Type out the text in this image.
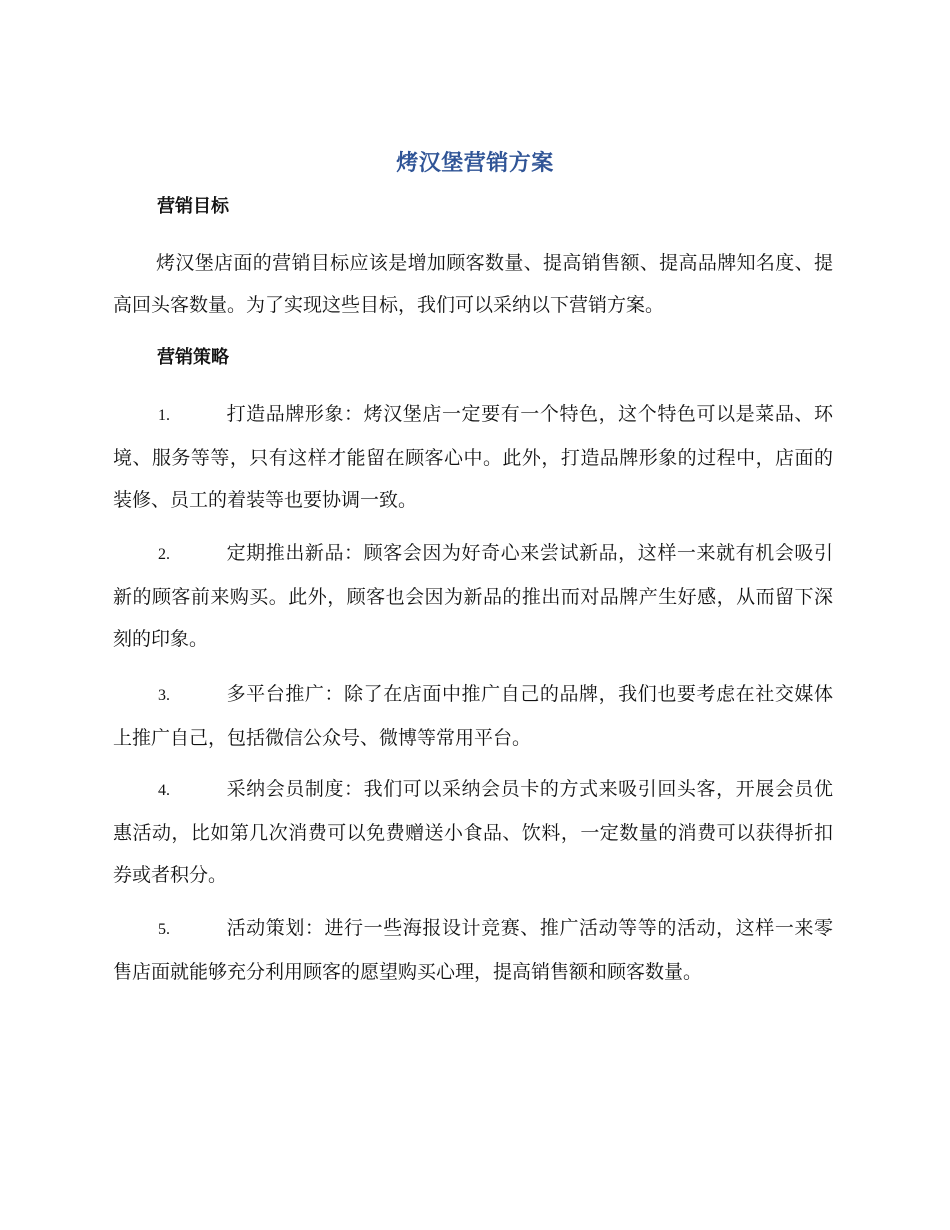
烤汉堡营销方案
营销目标
烤汉堡店面的营销目标应该是增加顾客数量、提高销售额、提高品牌知名度、提高回头客数量。为了实现这些目标，我们可以采纳以下营销方案。
营销策略
1.	打造品牌形象：烤汉堡店一定要有一个特色，这个特色可以是菜品、环境、服务等等，只有这样才能留在顾客心中。此外，打造品牌形象的过程中，店面的装修、员工的着装等也要协调一致。
2.	定期推出新品：顾客会因为好奇心来尝试新品，这样一来就有机会吸引新的顾客前来购买。此外，顾客也会因为新品的推出而对品牌产生好感，从而留下深刻的印象。
3.	多平台推广：除了在店面中推广自己的品牌，我们也要考虑在社交媒体上推广自己，包括微信公众号、微博等常用平台。
4.	采纳会员制度：我们可以采纳会员卡的方式来吸引回头客，开展会员优惠活动，比如第几次消费可以免费赠送小食品、饮料，一定数量的消费可以获得折扣券或者积分。
5.	活动策划：进行一些海报设计竞赛、推广活动等等的活动，这样一来零售店面就能够充分利用顾客的愿望购买心理，提高销售额和顾客数量。
